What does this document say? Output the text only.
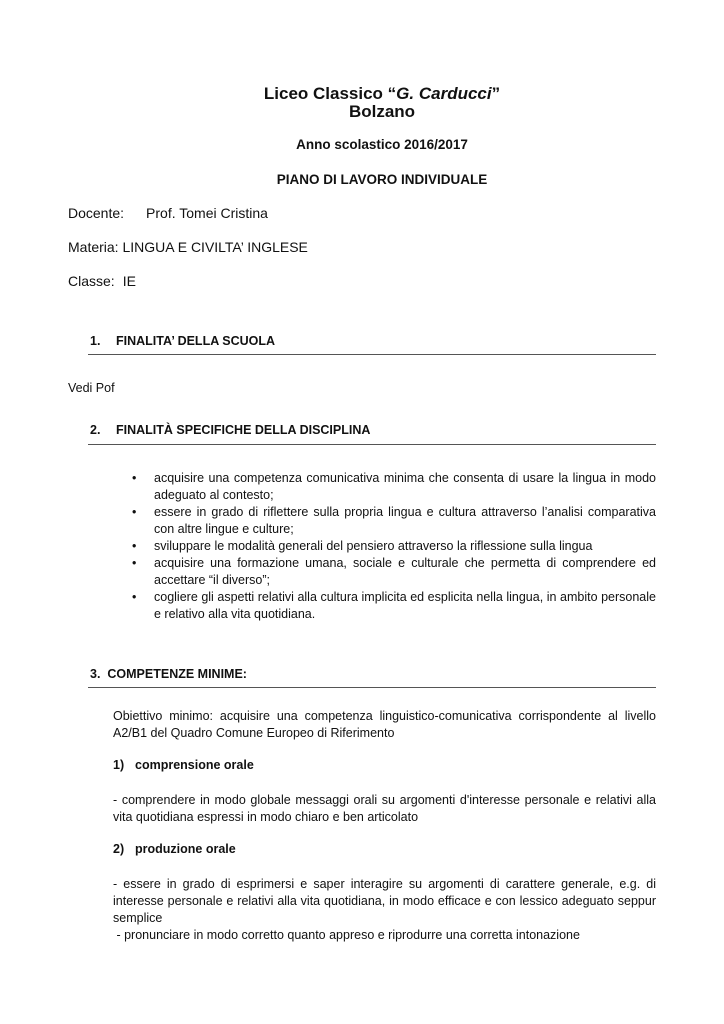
Liceo Classico “G. Carducci”
Bolzano
Anno scolastico 2016/2017
PIANO DI LAVORO INDIVIDUALE
Docente: Prof. Tomei Cristina
Materia: LINGUA E CIVILTA’ INGLESE
Classe: IE
1. FINALITA’ DELLA SCUOLA
Vedi Pof
2. FINALITÀ SPECIFICHE DELLA DISCIPLINA
• acquisire una competenza comunicativa minima che consenta di usare la lingua in modo adeguato al contesto;
• essere in grado di riflettere sulla propria lingua e cultura attraverso l’analisi comparativa con altre lingue e culture;
• sviluppare le modalità generali del pensiero attraverso la riflessione sulla lingua
• acquisire una formazione umana, sociale e culturale che permetta di comprendere ed accettare “il diverso”;
• cogliere gli aspetti relativi alla cultura implicita ed esplicita nella lingua, in ambito personale e relativo alla vita quotidiana.
3. COMPETENZE MINIME:
Obiettivo minimo: acquisire una competenza linguistico-comunicativa corrispondente al livello A2/B1 del Quadro Comune Europeo di Riferimento
1) comprensione orale
- comprendere in modo globale messaggi orali su argomenti d'interesse personale e relativi alla vita quotidiana espressi in modo chiaro e ben articolato
2) produzione orale
- essere in grado di esprimersi e saper interagire su argomenti di carattere generale, e.g. di interesse personale e relativi alla vita quotidiana, in modo efficace e con lessico adeguato seppur semplice
- pronunciare in modo corretto quanto appreso e riprodurre una corretta intonazione
